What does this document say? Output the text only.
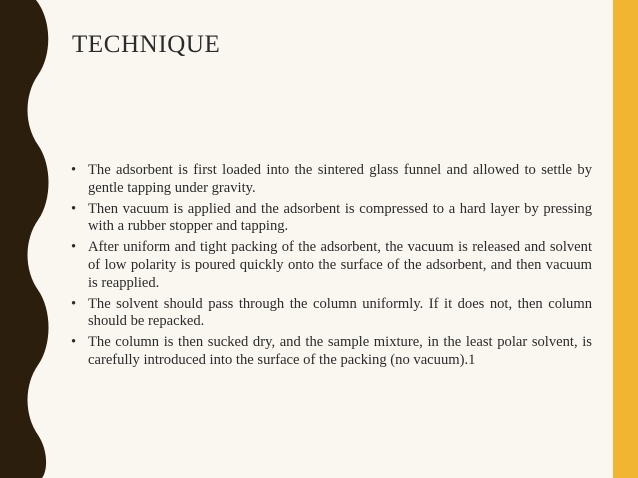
TECHNIQUE
• The adsorbent is first loaded into the sintered glass funnel and allowed to settle by gentle tapping under gravity.
• Then vacuum is applied and the adsorbent is compressed to a hard layer by pressing with a rubber stopper and tapping.
• After uniform and tight packing of the adsorbent, the vacuum is released and solvent of low polarity is poured quickly onto the surface of the adsorbent, and then vacuum is reapplied.
• The solvent should pass through the column uniformly. If it does not, then column should be repacked.
• The column is then sucked dry, and the sample mixture, in the least polar solvent, is carefully introduced into the surface of the packing (no vacuum).1
